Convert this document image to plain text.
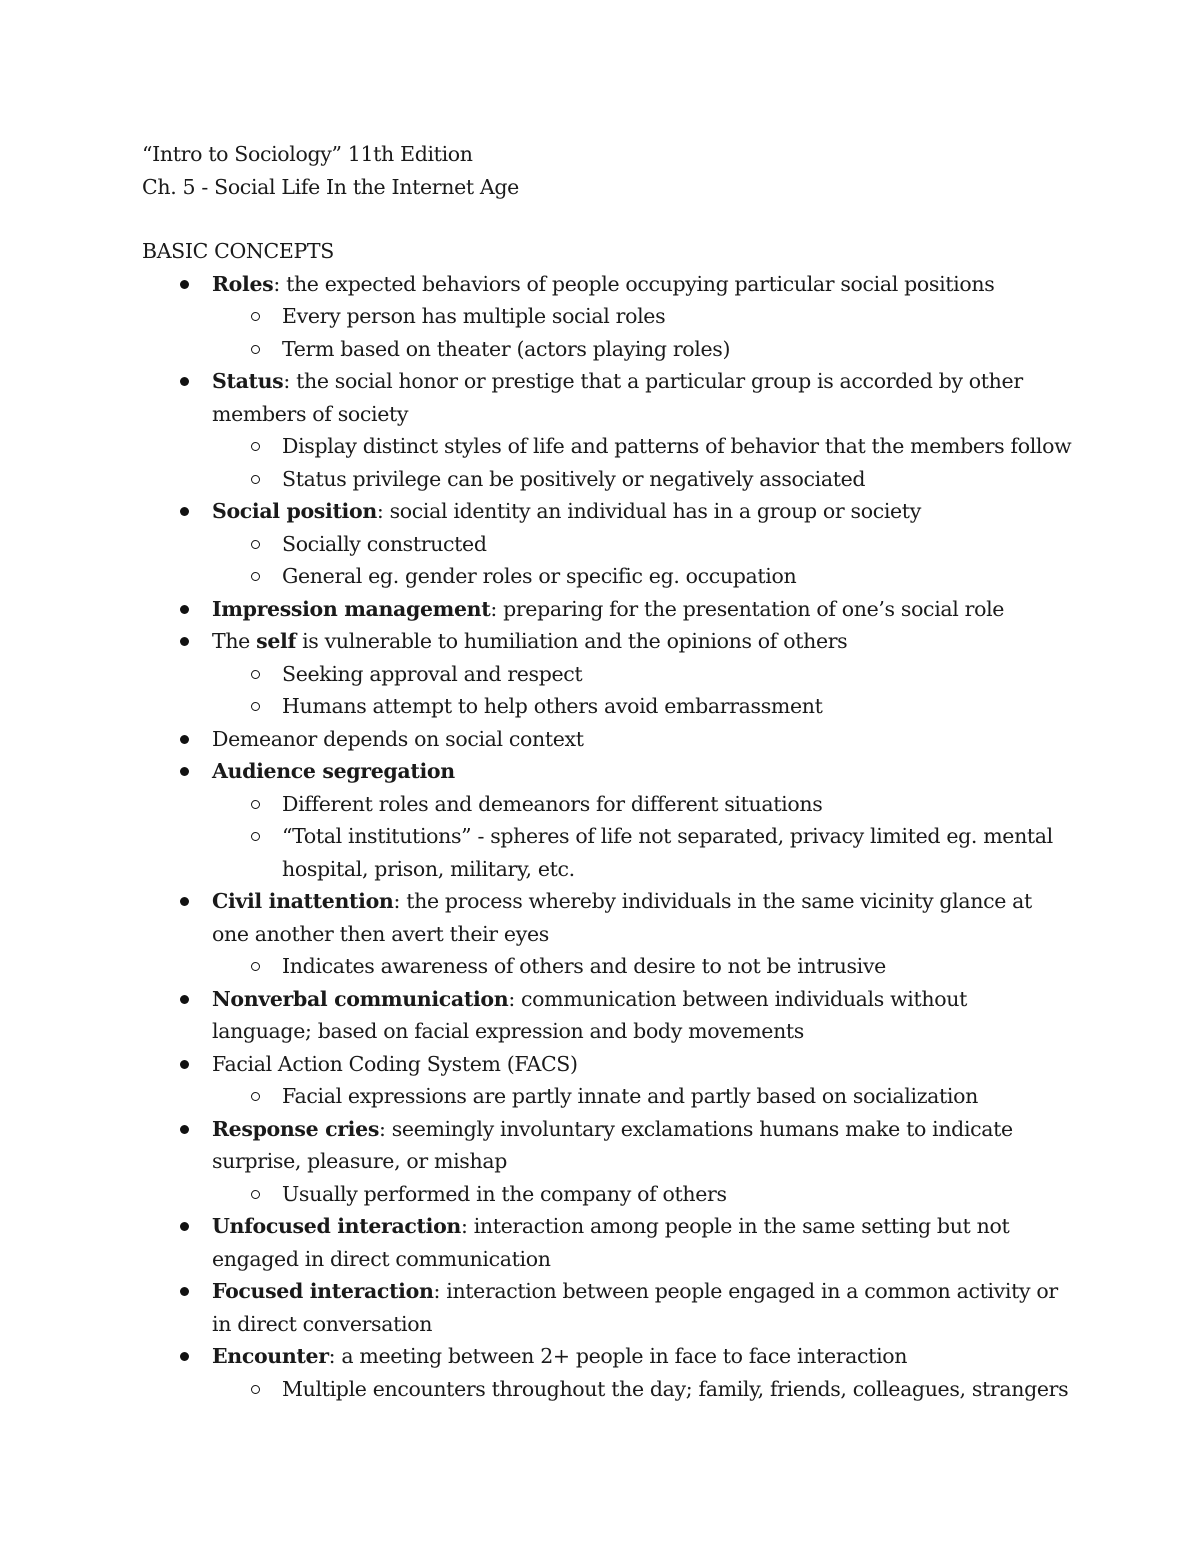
“Intro to Sociology” 11th Edition
Ch. 5 - Social Life In the Internet Age
BASIC CONCEPTS
Roles: the expected behaviors of people occupying particular social positions
Every person has multiple social roles
Term based on theater (actors playing roles)
Status: the social honor or prestige that a particular group is accorded by other members of society
Display distinct styles of life and patterns of behavior that the members follow
Status privilege can be positively or negatively associated
Social position: social identity an individual has in a group or society
Socially constructed
General eg. gender roles or specific eg. occupation
Impression management: preparing for the presentation of one’s social role
The self is vulnerable to humiliation and the opinions of others
Seeking approval and respect
Humans attempt to help others avoid embarrassment
Demeanor depends on social context
Audience segregation
Different roles and demeanors for different situations
“Total institutions” - spheres of life not separated, privacy limited eg. mental hospital, prison, military, etc.
Civil inattention: the process whereby individuals in the same vicinity glance at one another then avert their eyes
Indicates awareness of others and desire to not be intrusive
Nonverbal communication: communication between individuals without language; based on facial expression and body movements
Facial Action Coding System (FACS)
Facial expressions are partly innate and partly based on socialization
Response cries: seemingly involuntary exclamations humans make to indicate surprise, pleasure, or mishap
Usually performed in the company of others
Unfocused interaction: interaction among people in the same setting but not engaged in direct communication
Focused interaction: interaction between people engaged in a common activity or in direct conversation
Encounter: a meeting between 2+ people in face to face interaction
Multiple encounters throughout the day; family, friends, colleagues, strangers
